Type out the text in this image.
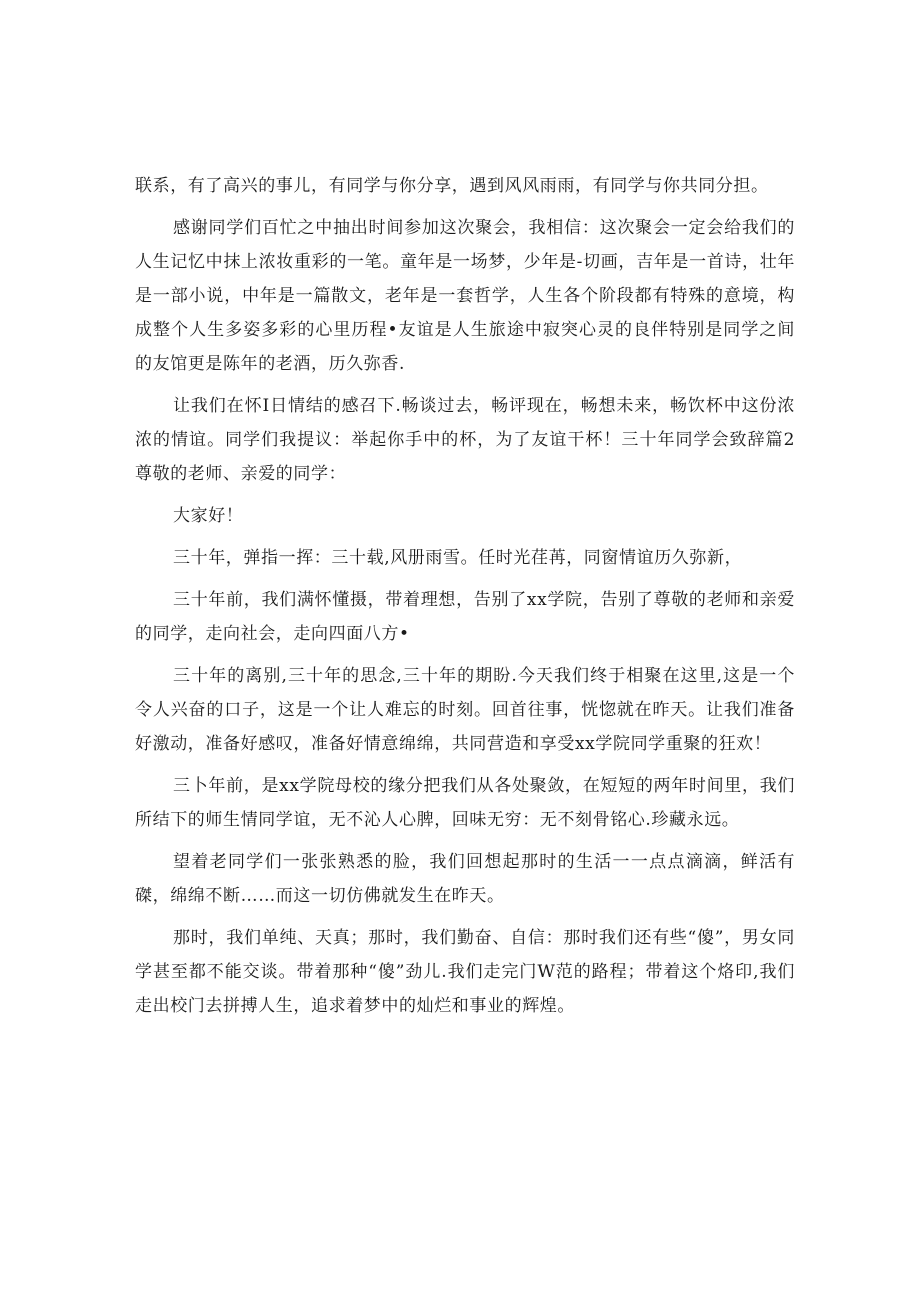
联系，有了高兴的事儿，有同学与你分享，遇到风风雨雨，有同学与你共同分担。

感谢同学们百忙之中抽出时间参加这次聚会，我相信：这次聚会一定会给我们的人生记忆中抹上浓妆重彩的一笔。童年是一场梦，少年是-切画，吉年是一首诗，壮年是一部小说，中年是一篇散文，老年是一套哲学，人生各个阶段都有特殊的意境，构成整个人生多姿多彩的心里历程•友谊是人生旅途中寂突心灵的良伴特别是同学之间的友馆更是陈年的老酒，历久弥香.

让我们在怀I日情结的感召下.畅谈过去，畅评现在，畅想未来，畅饮杯中这份浓浓的情谊。同学们我提议：举起你手中的杯，为了友谊干杯！三十年同学会致辞篇2　尊敬的老师、亲爱的同学：

大家好！

三十年，弹指一挥：三十载,风册雨雪。任时光荏苒，同窗情谊历久弥新，

三十年前，我们满怀懂摄，带着理想，告别了xx学院，告别了尊敬的老师和亲爱的同学，走向社会，走向四面八方•

三十年的离别,三十年的思念,三十年的期盼.今天我们终于相聚在这里,这是一个令人兴奋的口子，这是一个让人难忘的时刻。回首往事，恍惚就在昨天。让我们准备好激动，准备好感叹，准备好情意绵绵，共同营造和享受xx学院同学重聚的狂欢！

三卜年前，是xx学院母校的缘分把我们从各处聚敛，在短短的两年时间里，我们所结下的师生情同学谊，无不沁人心脾，回味无穷：无不刻骨铭心.珍藏永远。

望着老同学们一张张熟悉的脸，我们回想起那时的生活一一点点滴滴，鲜活有磔，绵绵不断……而这一切仿佛就发生在昨天。

那时，我们单纯、天真；那时，我们勤奋、自信：那时我们还有些“傻”，男女同学甚至都不能交谈。带着那种“傻”劲儿.我们走完门W范的路程；带着这个烙印,我们走出校门去拼搏人生，追求着梦中的灿烂和事业的辉煌。
